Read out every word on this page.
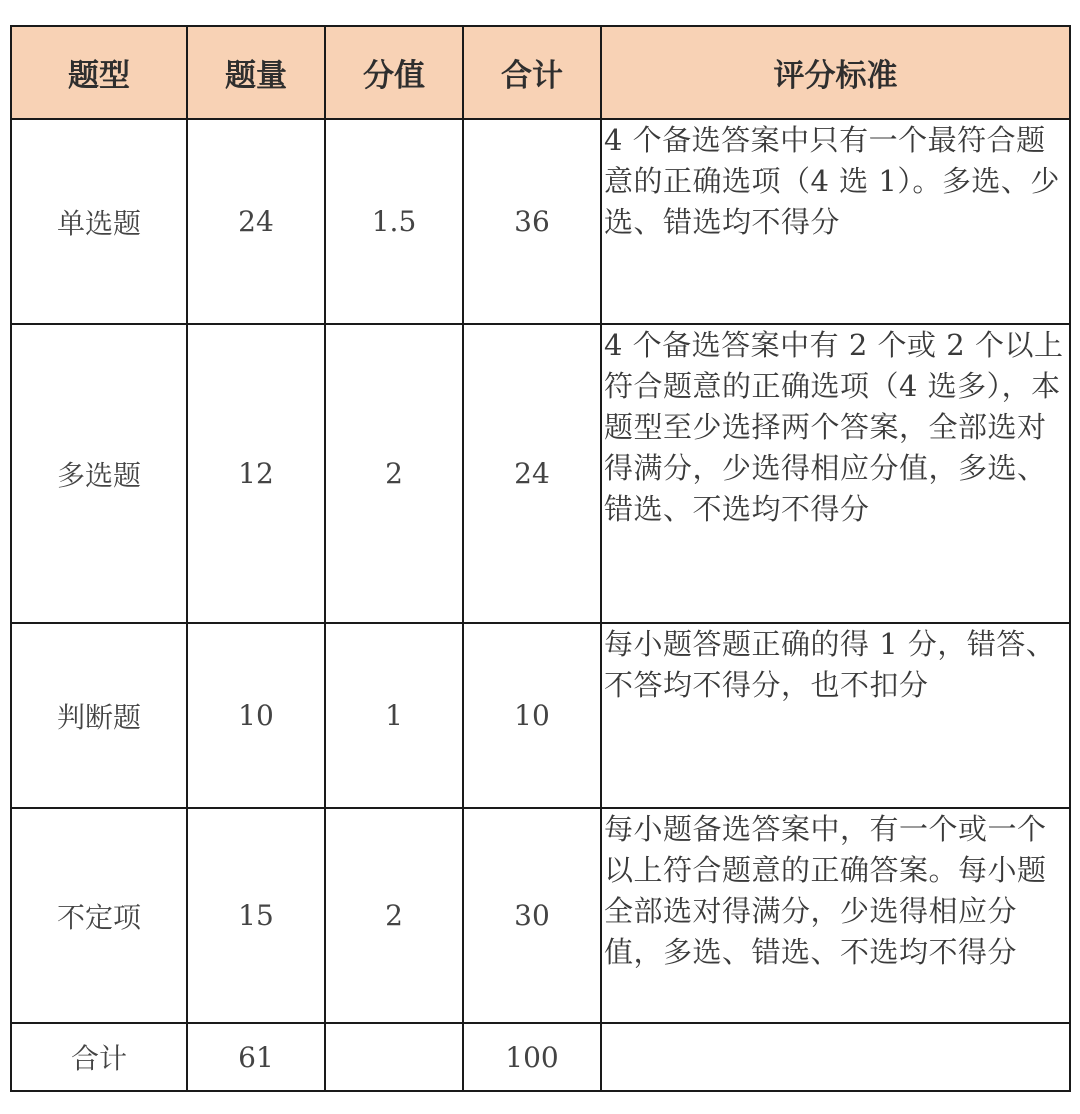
题型	题量	分值	合计	评分标准
单选题	24	1.5	36	4 个备选答案中只有一个最符合题意的正确选项（4 选 1）。多选、少选、错选均不得分
多选题	12	2	24	4 个备选答案中有 2 个或 2 个以上符合题意的正确选项（4 选多），本题型至少选择两个答案，全部选对得满分，少选得相应分值，多选、错选、不选均不得分
判断题	10	1	10	每小题答题正确的得 1 分，错答、不答均不得分，也不扣分
不定项	15	2	30	每小题备选答案中，有一个或一个以上符合题意的正确答案。每小题全部选对得满分，少选得相应分值，多选、错选、不选均不得分
合计	61		100	
